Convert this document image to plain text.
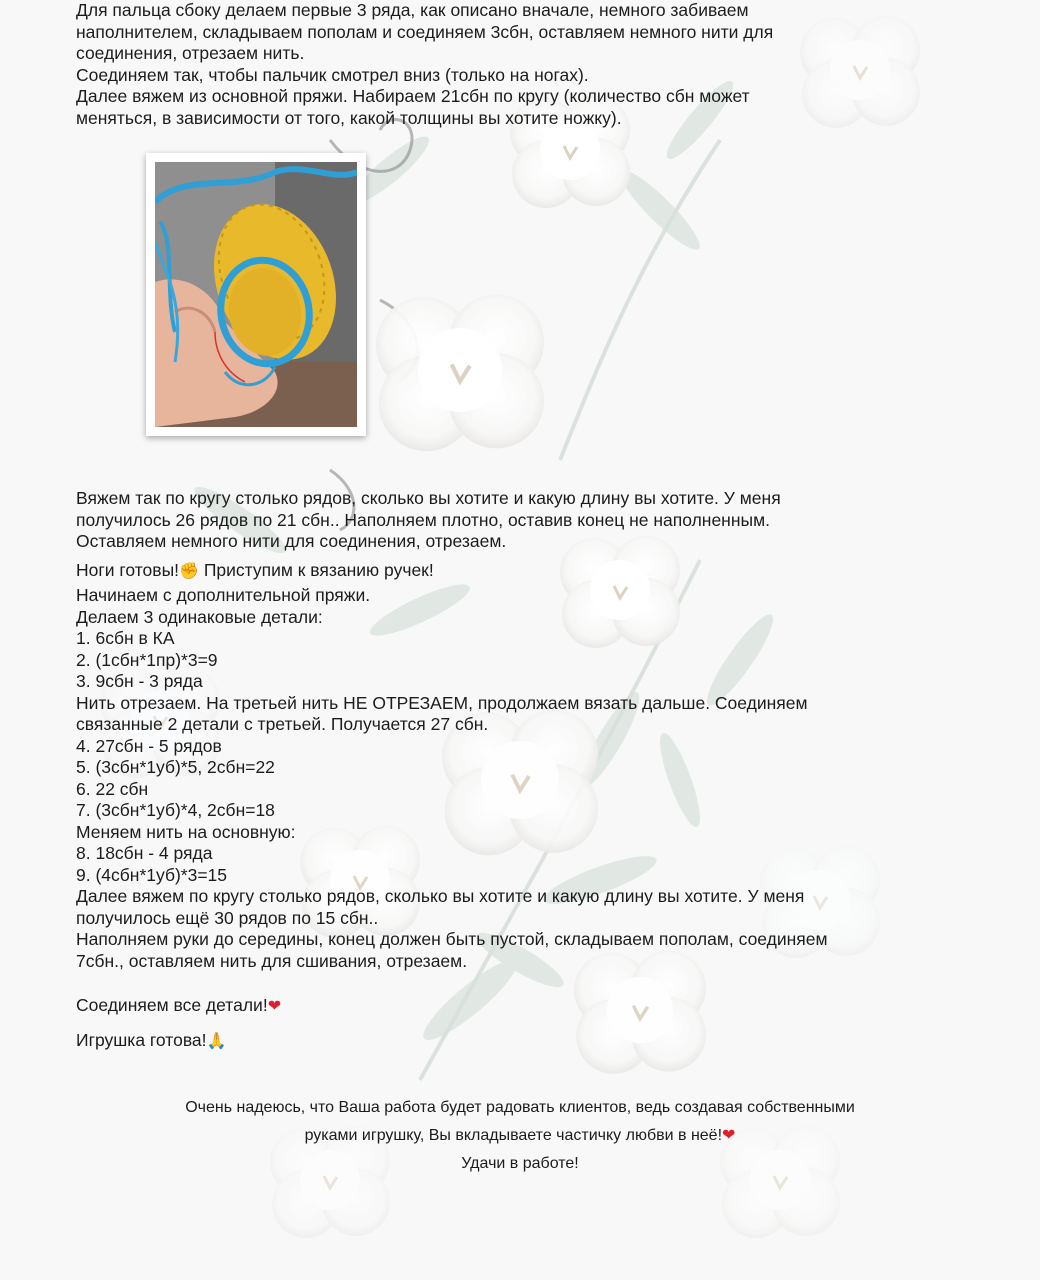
Для пальца сбоку делаем первые 3 ряда, как описано вначале, немного забиваем
наполнителем, складываем пополам и соединяем 3сбн, оставляем немного нити для
соединения, отрезаем нить.
Соединяем так, чтобы пальчик смотрел вниз (только на ногах).
Далее вяжем из основной пряжи. Набираем 21сбн по кругу (количество сбн может
меняться, в зависимости от того, какой толщины вы хотите ножку).

Вяжем так по кругу столько рядов, сколько вы хотите и какую длину вы хотите. У меня
получилось 26 рядов по 21 сбн.. Наполняем плотно, оставив конец не наполненным.
Оставляем немного нити для соединения, отрезаем.

Ноги готовы!✊ Приступим к вязанию ручек!

Начинаем с дополнительной пряжи.
Делаем 3 одинаковые детали:
1. 6сбн в КА
2. (1сбн*1пр)*3=9
3. 9сбн - 3 ряда
Нить отрезаем. На третьей нить НЕ ОТРЕЗАЕМ, продолжаем вязать дальше. Соединяем
связанные 2 детали с третьей. Получается 27 сбн.
4. 27сбн - 5 рядов
5. (3сбн*1уб)*5, 2сбн=22
6. 22 сбн
7. (3сбн*1уб)*4, 2сбн=18
Меняем нить на основную:
8. 18сбн - 4 ряда
9. (4сбн*1уб)*3=15
Далее вяжем по кругу столько рядов, сколько вы хотите и какую длину вы хотите. У меня
получилось ещё 30 рядов по 15 сбн..
Наполняем руки до середины, конец должен быть пустой, складываем пополам, соединяем
7сбн., оставляем нить для сшивания, отрезаем.

Соединяем все детали!❤

Игрушка готова!🙏

Очень надеюсь, что Ваша работа будет радовать клиентов, ведь создавая собственными
руками игрушку, Вы вкладываете частичку любви в неё!❤
Удачи в работе!
